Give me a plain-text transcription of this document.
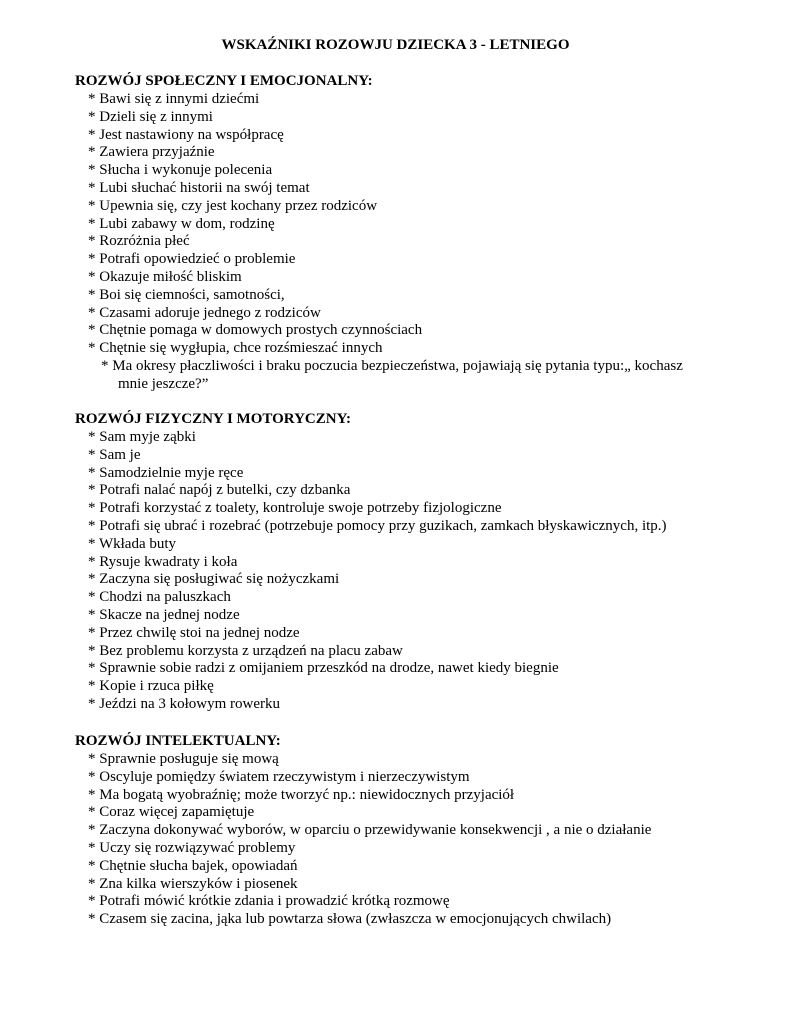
WSKAŹNIKI ROZOWJU DZIECKA 3 - LETNIEGO

ROZWÓJ SPOŁECZNY I EMOCJONALNY:

* Bawi się z innymi dziećmi

* Dzieli się z innymi

* Jest nastawiony na współpracę

* Zawiera przyjaźnie

* Słucha i wykonuje polecenia

* Lubi słuchać historii na swój temat

* Upewnia się, czy jest kochany przez rodziców

* Lubi zabawy w dom, rodzinę

* Rozróżnia płeć

* Potrafi opowiedzieć o problemie

* Okazuje miłość bliskim

* Boi się ciemności, samotności,

* Czasami adoruje jednego z rodziców

* Chętnie pomaga w domowych prostych czynnościach

* Chętnie się wygłupia, chce rozśmieszać innych

* Ma okresy płaczliwości i braku poczucia bezpieczeństwa, pojawiają się pytania typu:„ kochasz

mnie jeszcze?”

ROZWÓJ FIZYCZNY I MOTORYCZNY:

* Sam myje ząbki

* Sam je

* Samodzielnie myje ręce

* Potrafi nalać napój z butelki, czy dzbanka

* Potrafi korzystać z toalety, kontroluje swoje potrzeby fizjologiczne

* Potrafi się ubrać i rozebrać (potrzebuje pomocy przy guzikach, zamkach błyskawicznych, itp.)

* Wkłada buty

* Rysuje kwadraty i koła

* Zaczyna się posługiwać się nożyczkami

* Chodzi na paluszkach

* Skacze na jednej nodze

* Przez chwilę stoi na jednej nodze

* Bez problemu korzysta z urządzeń na placu zabaw

* Sprawnie sobie radzi z omijaniem przeszkód na drodze, nawet kiedy biegnie

* Kopie i rzuca piłkę

* Jeździ na 3 kołowym rowerku

ROZWÓJ INTELEKTUALNY:

* Sprawnie posługuje się mową

* Oscyluje pomiędzy światem rzeczywistym i nierzeczywistym

* Ma bogatą wyobraźnię; może tworzyć np.: niewidocznych przyjaciół

* Coraz więcej zapamiętuje

* Zaczyna dokonywać wyborów, w oparciu o przewidywanie konsekwencji , a nie o działanie

* Uczy się rozwiązywać problemy

* Chętnie słucha bajek, opowiadań

* Zna kilka wierszyków i piosenek

* Potrafi mówić krótkie zdania i prowadzić krótką rozmowę

* Czasem się zacina, jąka lub powtarza słowa (zwłaszcza w emocjonujących chwilach)
